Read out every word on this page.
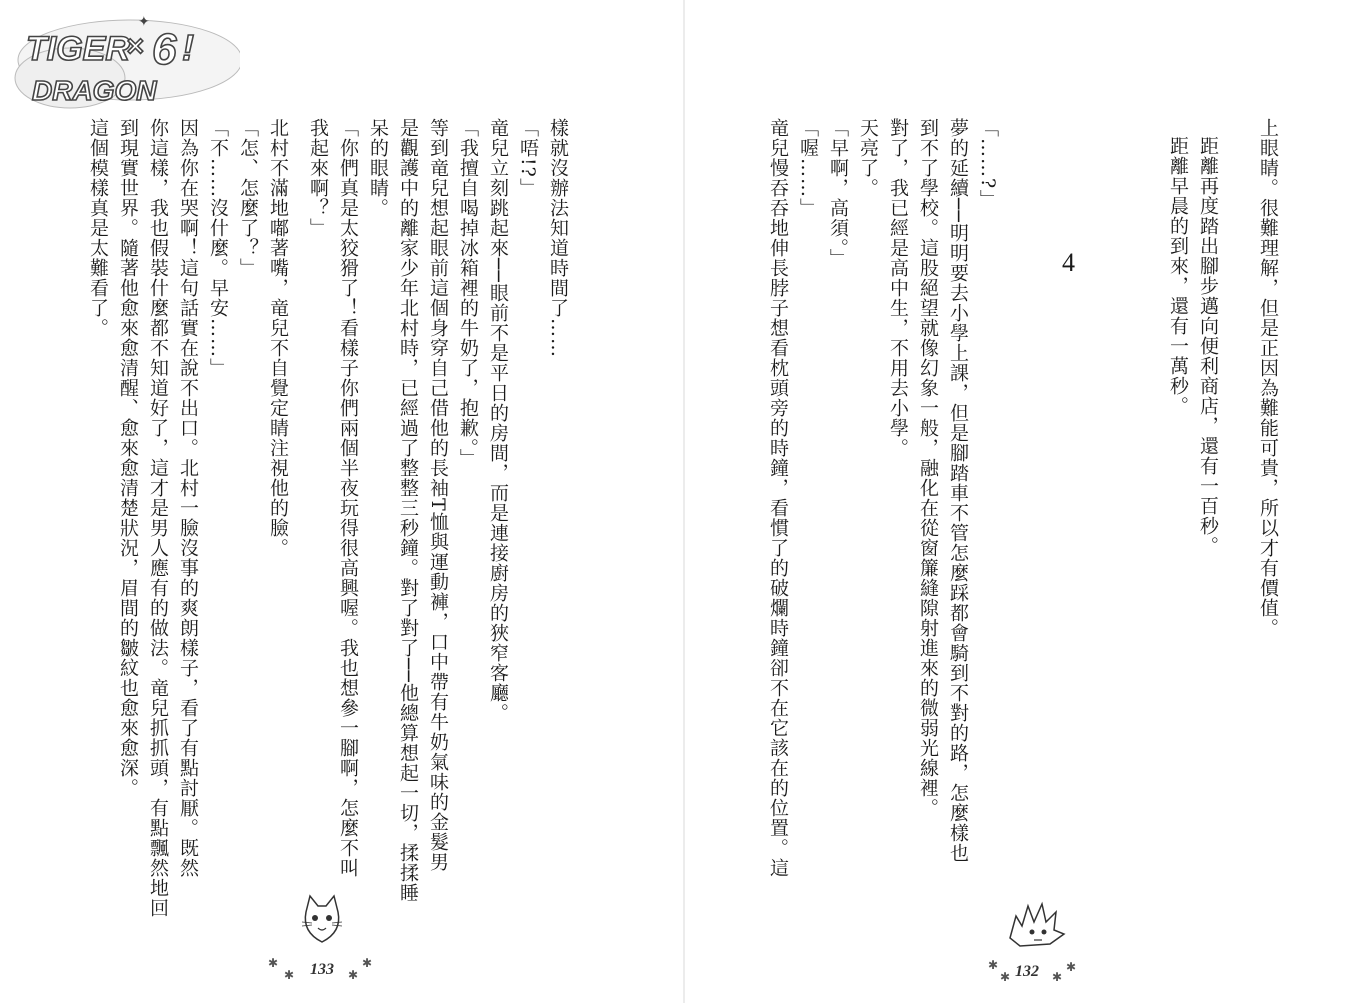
TIGER
× 6 !
DRAGON
✦
樣就沒辦法知道時間了……
「唔!?」
竜兒立刻跳起來──眼前不是平日的房間，而是連接廚房的狹窄客廳。
「我擅自喝掉冰箱裡的牛奶了，抱歉。」
等到竜兒想起眼前這個身穿自己借他的長袖T恤與運動褲，口中帶有牛奶氣味的金髮男
是觀護中的離家少年北村時，已經過了整整三秒鐘。對了對了──他總算想起一切，揉揉睡
呆的眼睛。
「你們真是太狡猾了！看樣子你們兩個半夜玩得很高興喔。我也想參一腳啊，怎麼不叫
我起來啊？」
北村不滿地嘟著嘴，竜兒不自覺定睛注視他的臉。
「怎、怎麼了？」
「不……沒什麼。早安……」
因為你在哭啊！這句話實在說不出口。北村一臉沒事的爽朗樣子，看了有點討厭。既然
你這樣，我也假裝什麼都不知道好了，這才是男人應有的做法。竜兒抓抓頭，有點飄然地回
到現實世界。隨著他愈來愈清醒、愈來愈清楚狀況，眉間的皺紋也愈來愈深。
這個模樣真是太難看了。
✱
✱	✱
✱
133
上眼睛。很難理解，但是正因為難能可貴，所以才有價值。
距離再度踏出腳步邁向便利商店，還有一百秒。
距離早晨的到來，還有一萬秒。
4
「……?」
夢的延續──明明要去小學上課，但是腳踏車不管怎麼踩都會騎到不對的路，怎麼樣也
到不了學校。這股絕望就像幻象一般，融化在從窗簾縫隙射進來的微弱光線裡。
對了，我已經是高中生，不用去小學。
天亮了。
「早啊，高須。」
「喔……」
竜兒慢吞吞地伸長脖子想看枕頭旁的時鐘，看慣了的破爛時鐘卻不在它該在的位置。這
✱
✱	✱
✱
132
